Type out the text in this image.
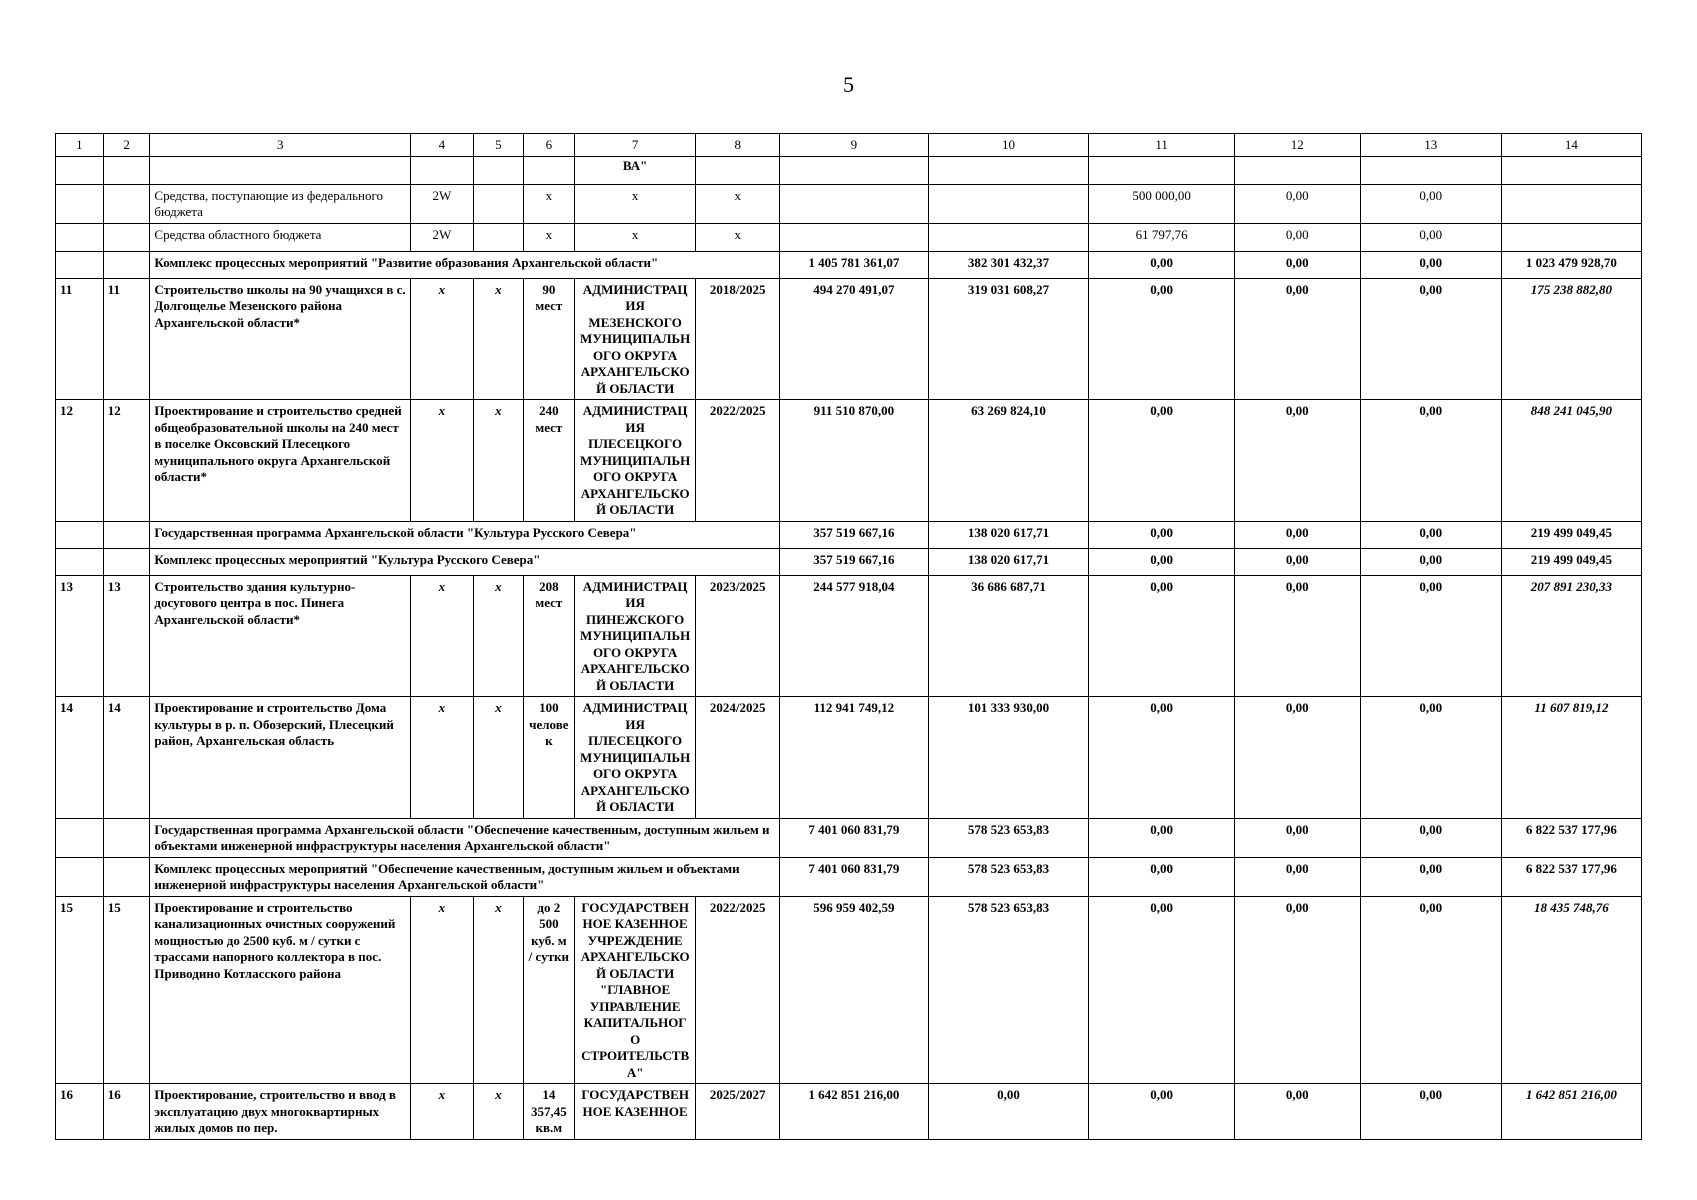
5
1	2	3	4	5	6	7	8	9	10	11	12	13	14
						ВА"							
		Средства, поступающие из федерального бюджета	2W		х	х	х			500 000,00	0,00	0,00	
		Средства областного бюджета	2W		х	х	х			61 797,76	0,00	0,00	
		Комплекс процессных мероприятий "Развитие образования Архангельской области"						1 405 781 361,07	382 301 432,37	0,00	0,00	0,00	1 023 479 928,70
11	11	Строительство школы на 90 учащихся в с. Долгощелье Мезенского района Архангельской области*	х	х	90 мест	АДМИНИСТРАЦИЯ МЕЗЕНСКОГО МУНИЦИПАЛЬНОГО ОКРУГА АРХАНГЕЛЬСКОЙ ОБЛАСТИ	2018/2025	494 270 491,07	319 031 608,27	0,00	0,00	0,00	175 238 882,80
12	12	Проектирование и строительство средней общеобразовательной школы на 240 мест в поселке Оксовский Плесецкого муниципального округа Архангельской области*	х	х	240 мест	АДМИНИСТРАЦИЯ ПЛЕСЕЦКОГО МУНИЦИПАЛЬНОГО ОКРУГА АРХАНГЕЛЬСКОЙ ОБЛАСТИ	2022/2025	911 510 870,00	63 269 824,10	0,00	0,00	0,00	848 241 045,90
		Государственная программа Архангельской области "Культура Русского Севера"						357 519 667,16	138 020 617,71	0,00	0,00	0,00	219 499 049,45
		Комплекс процессных мероприятий "Культура Русского Севера"						357 519 667,16	138 020 617,71	0,00	0,00	0,00	219 499 049,45
13	13	Строительство здания культурно-досугового центра в пос. Пинега Архангельской области*	х	х	208 мест	АДМИНИСТРАЦИЯ ПИНЕЖСКОГО МУНИЦИПАЛЬНОГО ОКРУГА АРХАНГЕЛЬСКОЙ ОБЛАСТИ	2023/2025	244 577 918,04	36 686 687,71	0,00	0,00	0,00	207 891 230,33
14	14	Проектирование и строительство Дома культуры в р. п. Обозерский, Плесецкий район, Архангельская область	х	х	100 человек	АДМИНИСТРАЦИЯ ПЛЕСЕЦКОГО МУНИЦИПАЛЬНОГО ОКРУГА АРХАНГЕЛЬСКОЙ ОБЛАСТИ	2024/2025	112 941 749,12	101 333 930,00	0,00	0,00	0,00	11 607 819,12
		Государственная программа Архангельской области "Обеспечение качественным, доступным жильем и объектами инженерной инфраструктуры населения Архангельской области"						7 401 060 831,79	578 523 653,83	0,00	0,00	0,00	6 822 537 177,96
		Комплекс процессных мероприятий "Обеспечение качественным, доступным жильем и объектами инженерной инфраструктуры населения Архангельской области"						7 401 060 831,79	578 523 653,83	0,00	0,00	0,00	6 822 537 177,96
15	15	Проектирование и строительство канализационных очистных сооружений мощностью до 2500 куб. м / сутки с трассами напорного коллектора в пос. Приводино Котласского района	х	х	до 2 500 куб. м / сутки	ГОСУДАРСТВЕННОЕ КАЗЕННОЕ УЧРЕЖДЕНИЕ АРХАНГЕЛЬСКОЙ ОБЛАСТИ "ГЛАВНОЕ УПРАВЛЕНИЕ КАПИТАЛЬНОГО СТРОИТЕЛЬСТВА"	2022/2025	596 959 402,59	578 523 653,83	0,00	0,00	0,00	18 435 748,76
16	16	Проектирование, строительство и ввод в эксплуатацию двух многоквартирных жилых домов по пер.	х	х	14 357,45 кв.м	ГОСУДАРСТВЕННОЕ КАЗЕННОЕ	2025/2027	1 642 851 216,00	0,00	0,00	0,00	0,00	1 642 851 216,00
